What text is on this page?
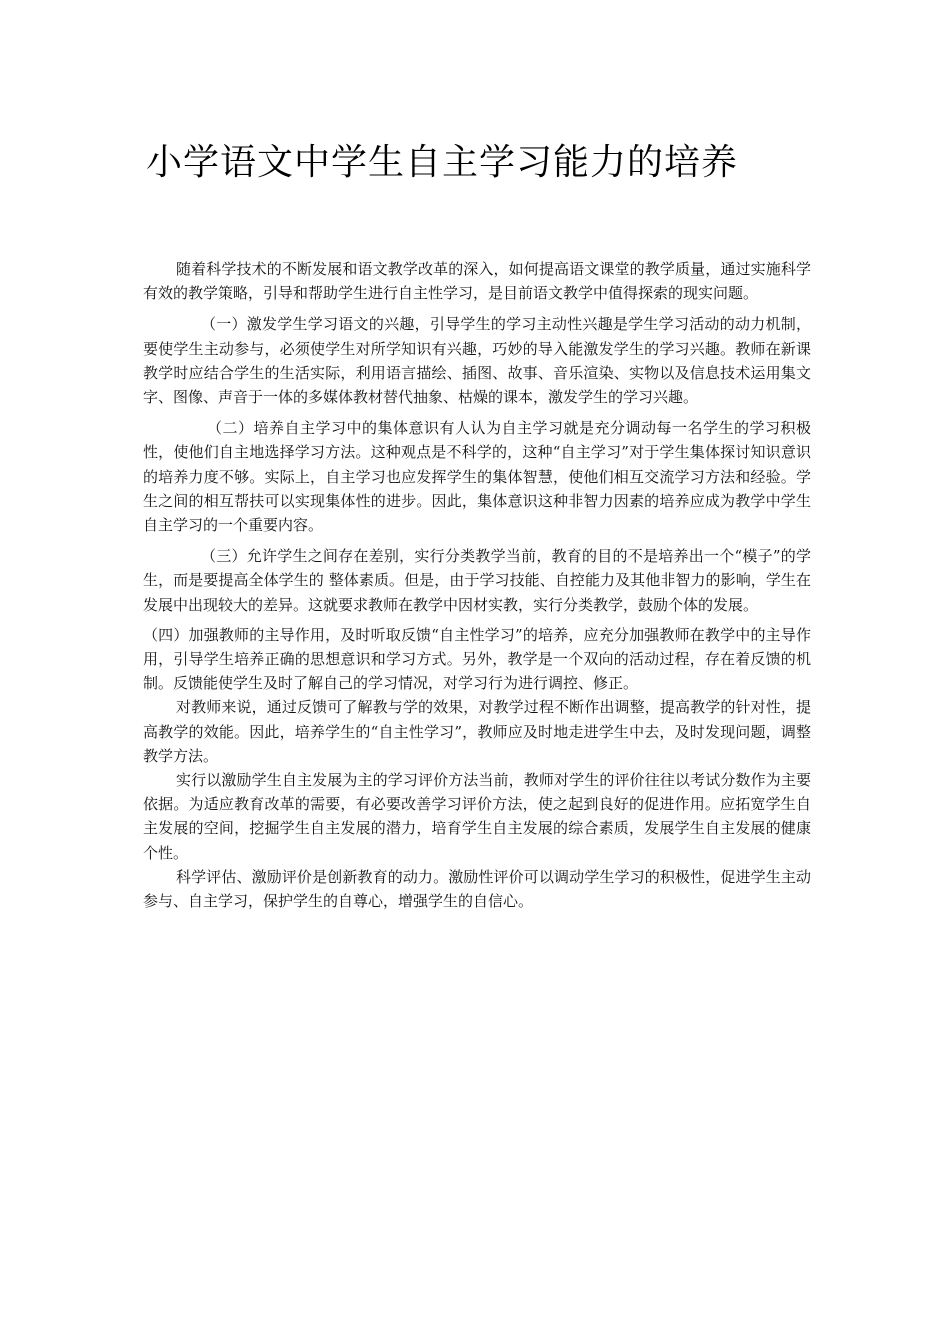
小学语文中学生自主学习能力的培养

随着科学技术的不断发展和语文教学改革的深入，如何提高语文课堂的教学质量，通过实施科学有效的教学策略，引导和帮助学生进行自主性学习，是目前语文教学中值得探索的现实问题。

（一）激发学生学习语文的兴趣，引导学生的学习主动性兴趣是学生学习活动的动力机制，要使学生主动参与，必须使学生对所学知识有兴趣，巧妙的导入能激发学生的学习兴趣。教师在新课教学时应结合学生的生活实际，利用语言描绘、插图、故事、音乐渲染、实物以及信息技术运用集文字、图像、声音于一体的多媒体教材替代抽象、枯燥的课本，激发学生的学习兴趣。

（二）培养自主学习中的集体意识有人认为自主学习就是充分调动每一名学生的学习积极性，使他们自主地选择学习方法。这种观点是不科学的，这种“自主学习”对于学生集体探讨知识意识的培养力度不够。实际上，自主学习也应发挥学生的集体智慧，使他们相互交流学习方法和经验。学生之间的相互帮扶可以实现集体性的进步。因此，集体意识这种非智力因素的培养应成为教学中学生自主学习的一个重要内容。

（三）允许学生之间存在差别，实行分类教学当前，教育的目的不是培养出一个“模子”的学生，而是要提高全体学生的 整体素质。但是，由于学习技能、自控能力及其他非智力的影响，学生在发展中出现较大的差异。这就要求教师在教学中因材实教，实行分类教学，鼓励个体的发展。

（四）加强教师的主导作用，及时听取反馈“自主性学习”的培养，应充分加强教师在教学中的主导作用，引导学生培养正确的思想意识和学习方式。另外，教学是一个双向的活动过程，存在着反馈的机制。反馈能使学生及时了解自己的学习情况，对学习行为进行调控、修正。

对教师来说，通过反馈可了解教与学的效果，对教学过程不断作出调整，提高教学的针对性，提高教学的效能。因此，培养学生的“自主性学习”，教师应及时地走进学生中去，及时发现问题，调整教学方法。

实行以激励学生自主发展为主的学习评价方法当前，教师对学生的评价往往以考试分数作为主要依据。为适应教育改革的需要，有必要改善学习评价方法，使之起到良好的促进作用。应拓宽学生自主发展的空间，挖掘学生自主发展的潜力，培育学生自主发展的综合素质，发展学生自主发展的健康个性。

科学评估、激励评价是创新教育的动力。激励性评价可以调动学生学习的积极性，促进学生主动参与、自主学习，保护学生的自尊心，增强学生的自信心。
